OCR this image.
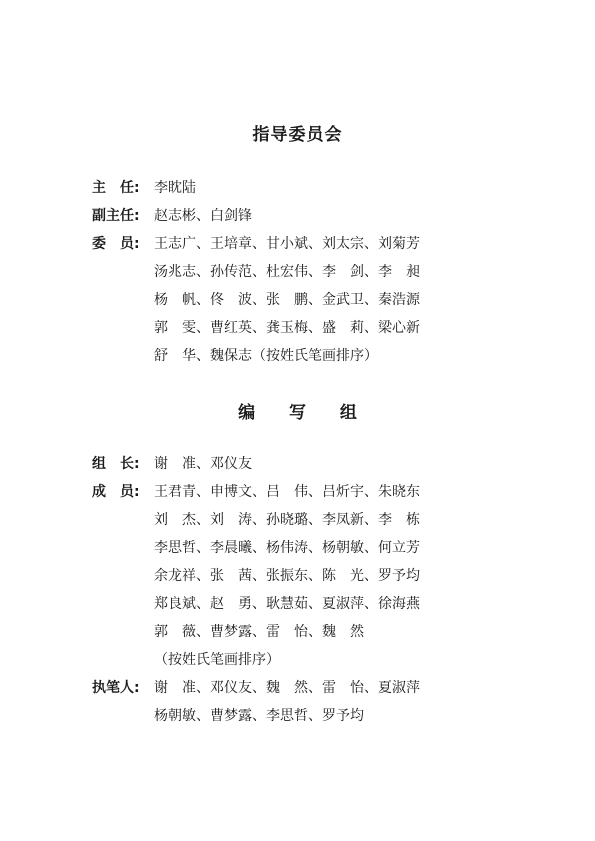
指导委员会
主　任: 李眈陆
副主任: 赵志彬、白剑锋
委　员: 王志广、王培章、甘小斌、刘太宗、刘菊芳
汤兆志、孙传范、杜宏伟、李　剑、李　昶
杨　帆、佟　波、张　鹏、金武卫、秦浩源
郭　雯、曹红英、龚玉梅、盛　莉、梁心新
舒　华、魏保志（按姓氏笔画排序）
编 写 组
组　长: 谢　准、邓仪友
成　员: 王君青、申博文、吕　伟、吕炘宇、朱晓东
刘　杰、刘　涛、孙晓璐、李凤新、李　栋
李思哲、李晨曦、杨伟涛、杨朝敏、何立芳
余龙祥、张　茜、张振东、陈　光、罗予均
郑良斌、赵　勇、耿慧茹、夏淑萍、徐海燕
郭　薇、曹梦露、雷　怡、魏　然
（按姓氏笔画排序）
执笔人: 谢　准、邓仪友、魏　然、雷　怡、夏淑萍
杨朝敏、曹梦露、李思哲、罗予均
